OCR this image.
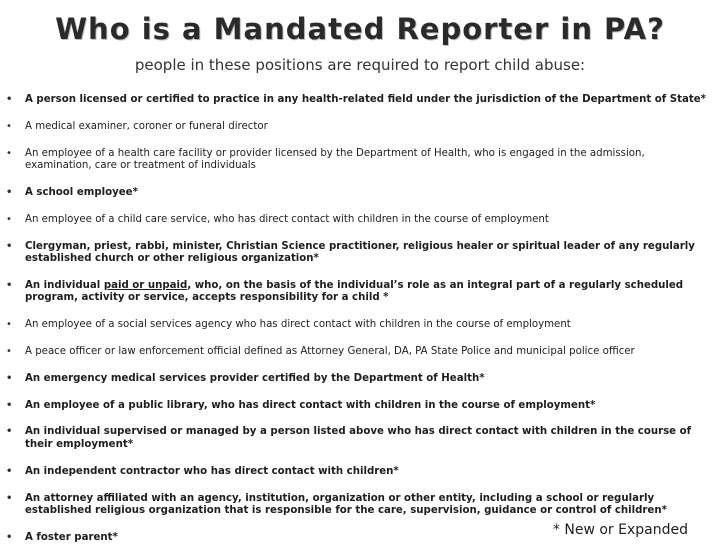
Who is a Mandated Reporter in PA?
people in these positions are required to report child abuse:
• A person licensed or certified to practice in any health-related field under the jurisdiction of the Department of State*
• A medical examiner, coroner or funeral director
• An employee of a health care facility or provider licensed by the Department of Health, who is engaged in the admission, examination, care or treatment of individuals
• A school employee*
• An employee of a child care service, who has direct contact with children in the course of employment
• Clergyman, priest, rabbi, minister, Christian Science practitioner, religious healer or spiritual leader of any regularly established church or other religious organization*
• An individual paid or unpaid, who, on the basis of the individual’s role as an integral part of a regularly scheduled program, activity or service, accepts responsibility for a child *
• An employee of a social services agency who has direct contact with children in the course of employment
• A peace officer or law enforcement official defined as Attorney General, DA, PA State Police and municipal police officer
• An emergency medical services provider certified by the Department of Health*
• An employee of a public library, who has direct contact with children in the course of employment*
• An individual supervised or managed by a person listed above who has direct contact with children in the course of their employment*
• An independent contractor who has direct contact with children*
• An attorney affiliated with an agency, institution, organization or other entity, including a school or regularly established religious organization that is responsible for the care, supervision, guidance or control of children*
• A foster parent*	* New or Expanded
